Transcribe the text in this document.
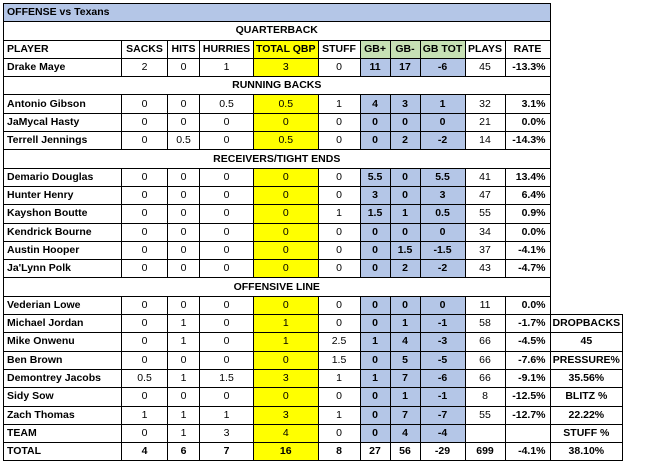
OFFENSE vs Texans											
QUARTERBACK											
PLAYER	SACKS	HITS	HURRIES	TOTAL QBP	STUFF	GB+	GB-	GB TOT	PLAYS	RATE	
Drake Maye	2	0	1	3	0	11	17	-6	45	-13.3%	
RUNNING BACKS											
Antonio Gibson	0	0	0.5	0.5	1	4	3	1	32	3.1%	
JaMycal Hasty	0	0	0	0	0	0	0	0	21	0.0%	
Terrell Jennings	0	0.5	0	0.5	0	0	2	-2	14	-14.3%	
RECEIVERS/TIGHT ENDS											
Demario Douglas	0	0	0	0	0	5.5	0	5.5	41	13.4%	
Hunter Henry	0	0	0	0	0	3	0	3	47	6.4%	
Kayshon Boutte	0	0	0	0	1	1.5	1	0.5	55	0.9%	
Kendrick Bourne	0	0	0	0	0	0	0	0	34	0.0%	
Austin Hooper	0	0	0	0	0	0	1.5	-1.5	37	-4.1%	
Ja'Lynn Polk	0	0	0	0	0	0	2	-2	43	-4.7%	
OFFENSIVE LINE											
Vederian Lowe	0	0	0	0	0	0	0	0	11	0.0%	
Michael Jordan	0	1	0	1	0	0	1	-1	58	-1.7%	DROPBACKS
Mike Onwenu	0	1	0	1	2.5	1	4	-3	66	-4.5%	45
Ben Brown	0	0	0	0	1.5	0	5	-5	66	-7.6%	PRESSURE%
Demontrey Jacobs	0.5	1	1.5	3	1	1	7	-6	66	-9.1%	35.56%
Sidy Sow	0	0	0	0	0	0	1	-1	8	-12.5%	BLITZ %
Zach Thomas	1	1	1	3	1	0	7	-7	55	-12.7%	22.22%
TEAM	0	1	3	4	0	0	4	-4			STUFF %
TOTAL	4	6	7	16	8	27	56	-29	699	-4.1%	38.10%
